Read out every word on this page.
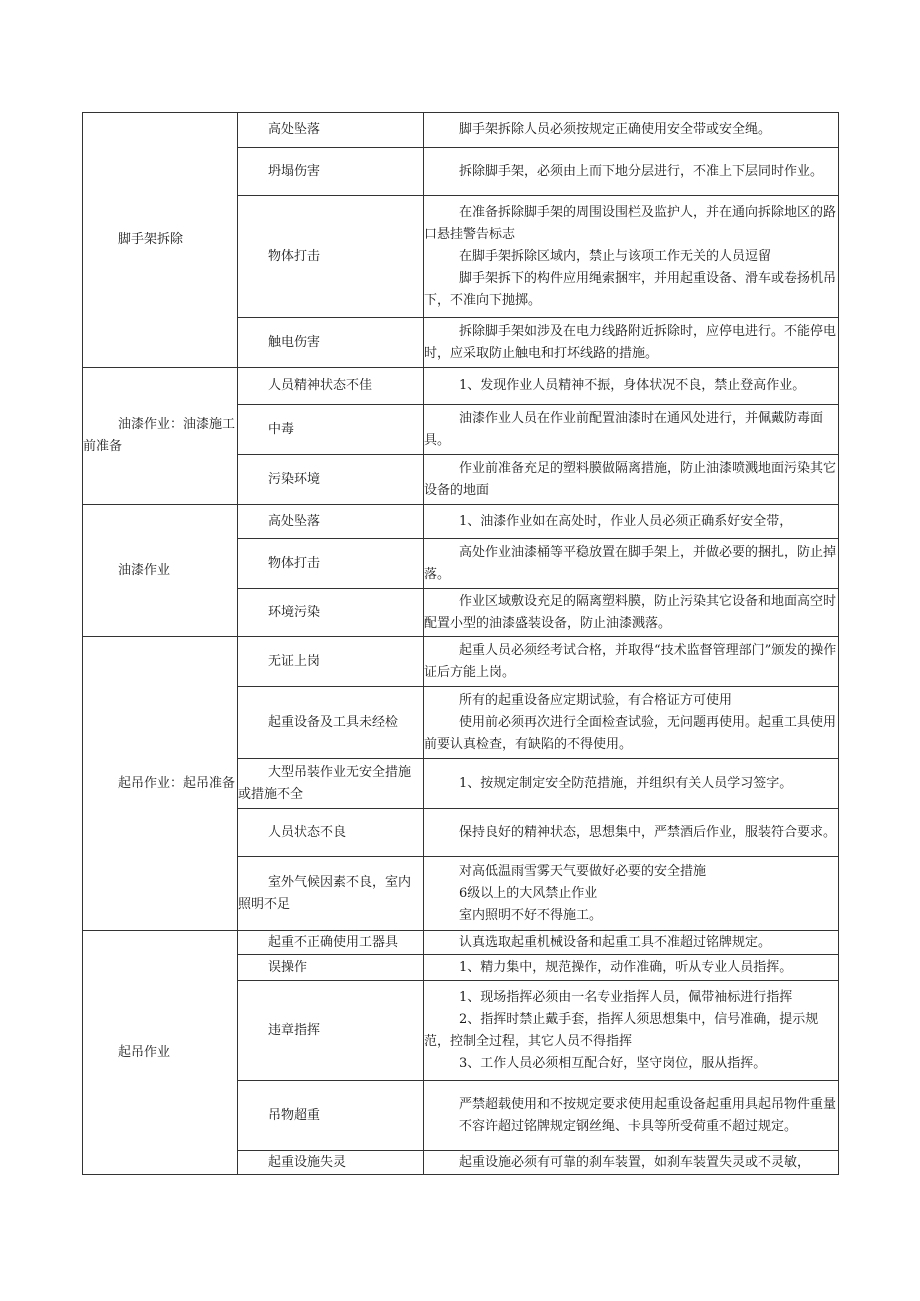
脚手架拆除	高处坠落	脚手架拆除人员必须按规定正确使用安全带或安全绳。

	坍塌伤害	拆除脚手架，必须由上而下地分层进行，不准上下层同时作业。

	物体打击	在准备拆除脚手架的周围设围栏及监护人，并在通向拆除地区的路口悬挂警告标志

在脚手架拆除区域内，禁止与该项工作无关的人员逗留

脚手架拆下的构件应用绳索捆牢，并用起重设备、滑车或卷扬机吊下，不准向下抛掷。

	触电伤害	拆除脚手架如涉及在电力线路附近拆除时，应停电进行。不能停电时，应采取防止触电和打坏线路的措施。

油漆作业：油漆施工前准备	人员精神状态不佳	1、发现作业人员精神不振，身体状况不良，禁止登高作业。

	中毒	油漆作业人员在作业前配置油漆时在通风处进行，并佩戴防毒面具。

	污染环境	作业前准备充足的塑料膜做隔离措施，防止油漆喷溅地面污染其它设备的地面

油漆作业	高处坠落	1、油漆作业如在高处时，作业人员必须正确系好安全带，

	物体打击	高处作业油漆桶等平稳放置在脚手架上，并做必要的捆扎，防止掉落。

	环境污染	作业区域敷设充足的隔离塑料膜，防止污染其它设备和地面高空时配置小型的油漆盛装设备，防止油漆溅落。

起吊作业：起吊准备	无证上岗	起重人员必须经考试合格，并取得“技术监督管理部门”颁发的操作证后方能上岗。

	起重设备及工具未经检	所有的起重设备应定期试验，有合格证方可使用

使用前必须再次进行全面检查试验，无问题再使用。起重工具使用前要认真检查，有缺陷的不得使用。

	大型吊装作业无安全措施或措施不全	1、按规定制定安全防范措施，并组织有关人员学习签字。

	人员状态不良	保持良好的精神状态，思想集中，严禁酒后作业，服装符合要求。

	室外气候因素不良，室内照明不足	对高低温雨雪雾天气要做好必要的安全措施

6级以上的大风禁止作业

室内照明不好不得施工。

起吊作业	起重不正确使用工器具	认真选取起重机械设备和起重工具不准超过铭牌规定。

	误操作	1、精力集中，规范操作，动作准确，听从专业人员指挥。

	违章指挥	1、现场指挥必须由一名专业指挥人员，佩带袖标进行指挥

2、指挥时禁止戴手套，指挥人须思想集中，信号准确，提示规范，控制全过程，其它人员不得指挥

3、工作人员必须相互配合好，坚守岗位，服从指挥。

	吊物超重	严禁超载使用和不按规定要求使用起重设备起重用具起吊物件重量不容许超过铭牌规定钢丝绳、卡具等所受荷重不超过规定。

	起重设施失灵	起重设施必须有可靠的刹车装置，如刹车装置失灵或不灵敏，
